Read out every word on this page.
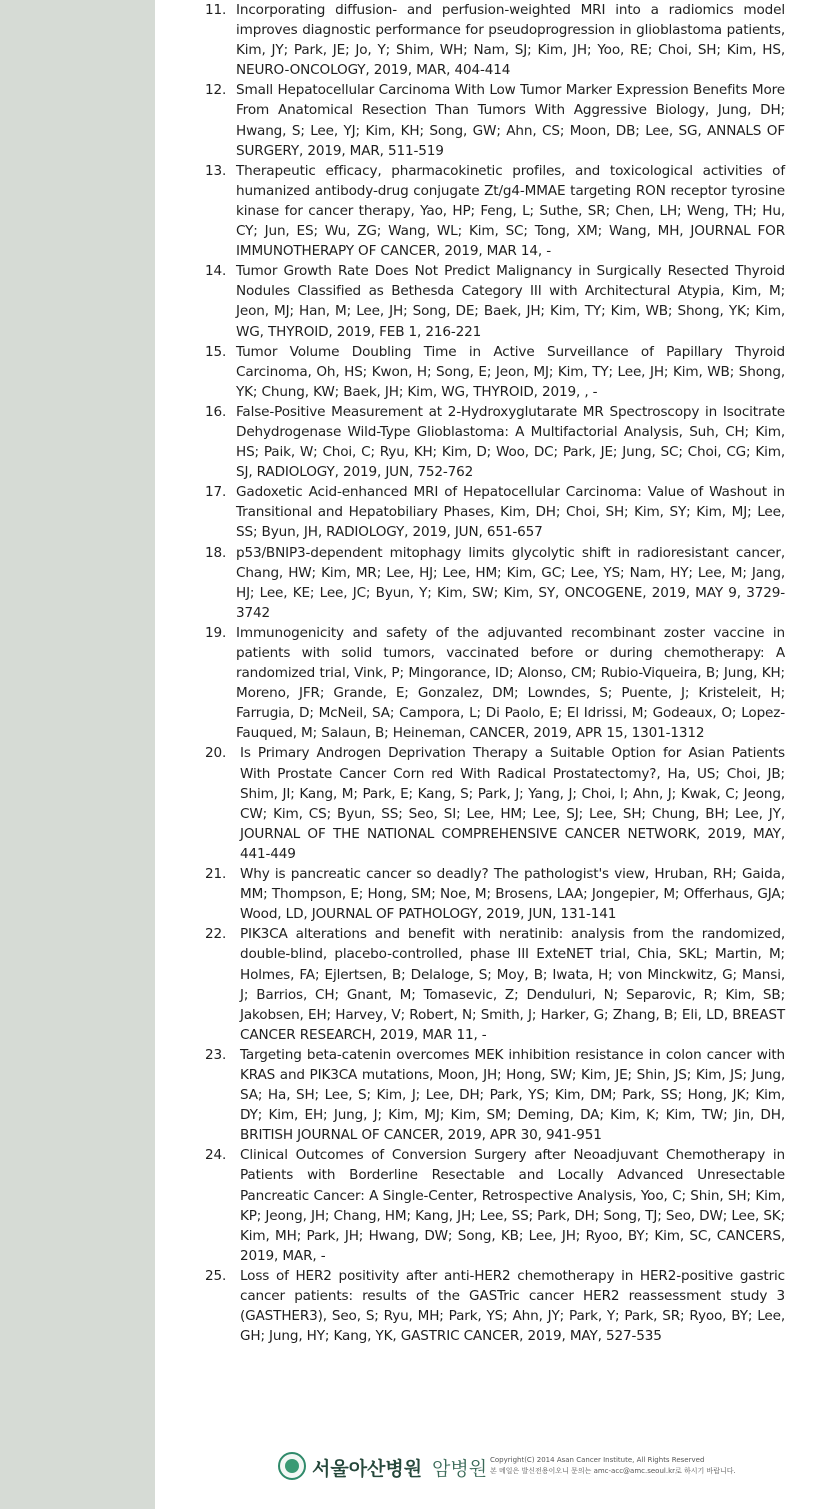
11. Incorporating diffusion- and perfusion-weighted MRI into a radiomics model improves diagnostic performance for pseudoprogression in glioblastoma patients, Kim, JY; Park, JE; Jo, Y; Shim, WH; Nam, SJ; Kim, JH; Yoo, RE; Choi, SH; Kim, HS, NEURO-ONCOLOGY, 2019, MAR, 404-414
12. Small Hepatocellular Carcinoma With Low Tumor Marker Expression Benefits More From Anatomical Resection Than Tumors With Aggressive Biology, Jung, DH; Hwang, S; Lee, YJ; Kim, KH; Song, GW; Ahn, CS; Moon, DB; Lee, SG, ANNALS OF SURGERY, 2019, MAR, 511-519
13. Therapeutic efficacy, pharmacokinetic profiles, and toxicological activities of humanized antibody-drug conjugate Zt/g4-MMAE targeting RON receptor tyrosine kinase for cancer therapy, Yao, HP; Feng, L; Suthe, SR; Chen, LH; Weng, TH; Hu, CY; Jun, ES; Wu, ZG; Wang, WL; Kim, SC; Tong, XM; Wang, MH, JOURNAL FOR IMMUNOTHERAPY OF CANCER, 2019, MAR 14, -
14. Tumor Growth Rate Does Not Predict Malignancy in Surgically Resected Thyroid Nodules Classified as Bethesda Category III with Architectural Atypia, Kim, M; Jeon, MJ; Han, M; Lee, JH; Song, DE; Baek, JH; Kim, TY; Kim, WB; Shong, YK; Kim, WG, THYROID, 2019, FEB 1, 216-221
15. Tumor Volume Doubling Time in Active Surveillance of Papillary Thyroid Carcinoma, Oh, HS; Kwon, H; Song, E; Jeon, MJ; Kim, TY; Lee, JH; Kim, WB; Shong, YK; Chung, KW; Baek, JH; Kim, WG, THYROID, 2019, , -
16. False-Positive Measurement at 2-Hydroxyglutarate MR Spectroscopy in Isocitrate Dehydrogenase Wild-Type Glioblastoma: A Multifactorial Analysis, Suh, CH; Kim, HS; Paik, W; Choi, C; Ryu, KH; Kim, D; Woo, DC; Park, JE; Jung, SC; Choi, CG; Kim, SJ, RADIOLOGY, 2019, JUN, 752-762
17. Gadoxetic Acid-enhanced MRI of Hepatocellular Carcinoma: Value of Washout in Transitional and Hepatobiliary Phases, Kim, DH; Choi, SH; Kim, SY; Kim, MJ; Lee, SS; Byun, JH, RADIOLOGY, 2019, JUN, 651-657
18. p53/BNIP3-dependent mitophagy limits glycolytic shift in radioresistant cancer, Chang, HW; Kim, MR; Lee, HJ; Lee, HM; Kim, GC; Lee, YS; Nam, HY; Lee, M; Jang, HJ; Lee, KE; Lee, JC; Byun, Y; Kim, SW; Kim, SY, ONCOGENE, 2019, MAY 9, 3729-3742
19. Immunogenicity and safety of the adjuvanted recombinant zoster vaccine in patients with solid tumors, vaccinated before or during chemotherapy: A randomized trial, Vink, P; Mingorance, ID; Alonso, CM; Rubio-Viqueira, B; Jung, KH; Moreno, JFR; Grande, E; Gonzalez, DM; Lowndes, S; Puente, J; Kristeleit, H; Farrugia, D; McNeil, SA; Campora, L; Di Paolo, E; El Idrissi, M; Godeaux, O; Lopez-Fauqued, M; Salaun, B; Heineman, CANCER, 2019, APR 15, 1301-1312
20.	Is Primary Androgen Deprivation Therapy a Suitable Option for Asian Patients With Prostate Cancer Corn red With Radical Prostatectomy?, Ha, US; Choi, JB; Shim, JI; Kang, M; Park, E; Kang, S; Park, J; Yang, J; Choi, I; Ahn, J; Kwak, C; Jeong, CW; Kim, CS; Byun, SS; Seo, SI; Lee, HM; Lee, SJ; Lee, SH; Chung, BH; Lee, JY, JOURNAL OF THE NATIONAL COMPREHENSIVE CANCER NETWORK, 2019, MAY, 441-449
21.	Why is pancreatic cancer so deadly? The pathologist's view, Hruban, RH; Gaida, MM; Thompson, E; Hong, SM; Noe, M; Brosens, LAA; Jongepier, M; Offerhaus, GJA; Wood, LD, JOURNAL OF PATHOLOGY, 2019, JUN, 131-141
22.	PIK3CA alterations and benefit with neratinib: analysis from the randomized, double-blind, placebo-controlled, phase III ExteNET trial, Chia, SKL; Martin, M; Holmes, FA; Ejlertsen, B; Delaloge, S; Moy, B; Iwata, H; von Minckwitz, G; Mansi, J; Barrios, CH; Gnant, M; Tomasevic, Z; Denduluri, N; Separovic, R; Kim, SB; Jakobsen, EH; Harvey, V; Robert, N; Smith, J; Harker, G; Zhang, B; Eli, LD, BREAST CANCER RESEARCH, 2019, MAR 11, -
23.	Targeting beta-catenin overcomes MEK inhibition resistance in colon cancer with KRAS and PIK3CA mutations, Moon, JH; Hong, SW; Kim, JE; Shin, JS; Kim, JS; Jung, SA; Ha, SH; Lee, S; Kim, J; Lee, DH; Park, YS; Kim, DM; Park, SS; Hong, JK; Kim, DY; Kim, EH; Jung, J; Kim, MJ; Kim, SM; Deming, DA; Kim, K; Kim, TW; Jin, DH, BRITISH JOURNAL OF CANCER, 2019, APR 30, 941-951
24.	Clinical Outcomes of Conversion Surgery after Neoadjuvant Chemotherapy in Patients with Borderline Resectable and Locally Advanced Unresectable Pancreatic Cancer: A Single-Center, Retrospective Analysis, Yoo, C; Shin, SH; Kim, KP; Jeong, JH; Chang, HM; Kang, JH; Lee, SS; Park, DH; Song, TJ; Seo, DW; Lee, SK; Kim, MH; Park, JH; Hwang, DW; Song, KB; Lee, JH; Ryoo, BY; Kim, SC, CANCERS, 2019, MAR, -
25.	Loss of HER2 positivity after anti-HER2 chemotherapy in HER2-positive gastric cancer patients: results of the GASTric cancer HER2 reassessment study 3 (GASTHER3), Seo, S; Ryu, MH; Park, YS; Ahn, JY; Park, Y; Park, SR; Ryoo, BY; Lee, GH; Jung, HY; Kang, YK, GASTRIC CANCER, 2019, MAY, 527-535
서울아산병원 암병원 Copyright(C) 2014 Asan Cancer Institute, All Rights Reserved
본 메일은 발신전용이오니 문의는 amc-acc@amc.seoul.kr로 하시기 바랍니다.
